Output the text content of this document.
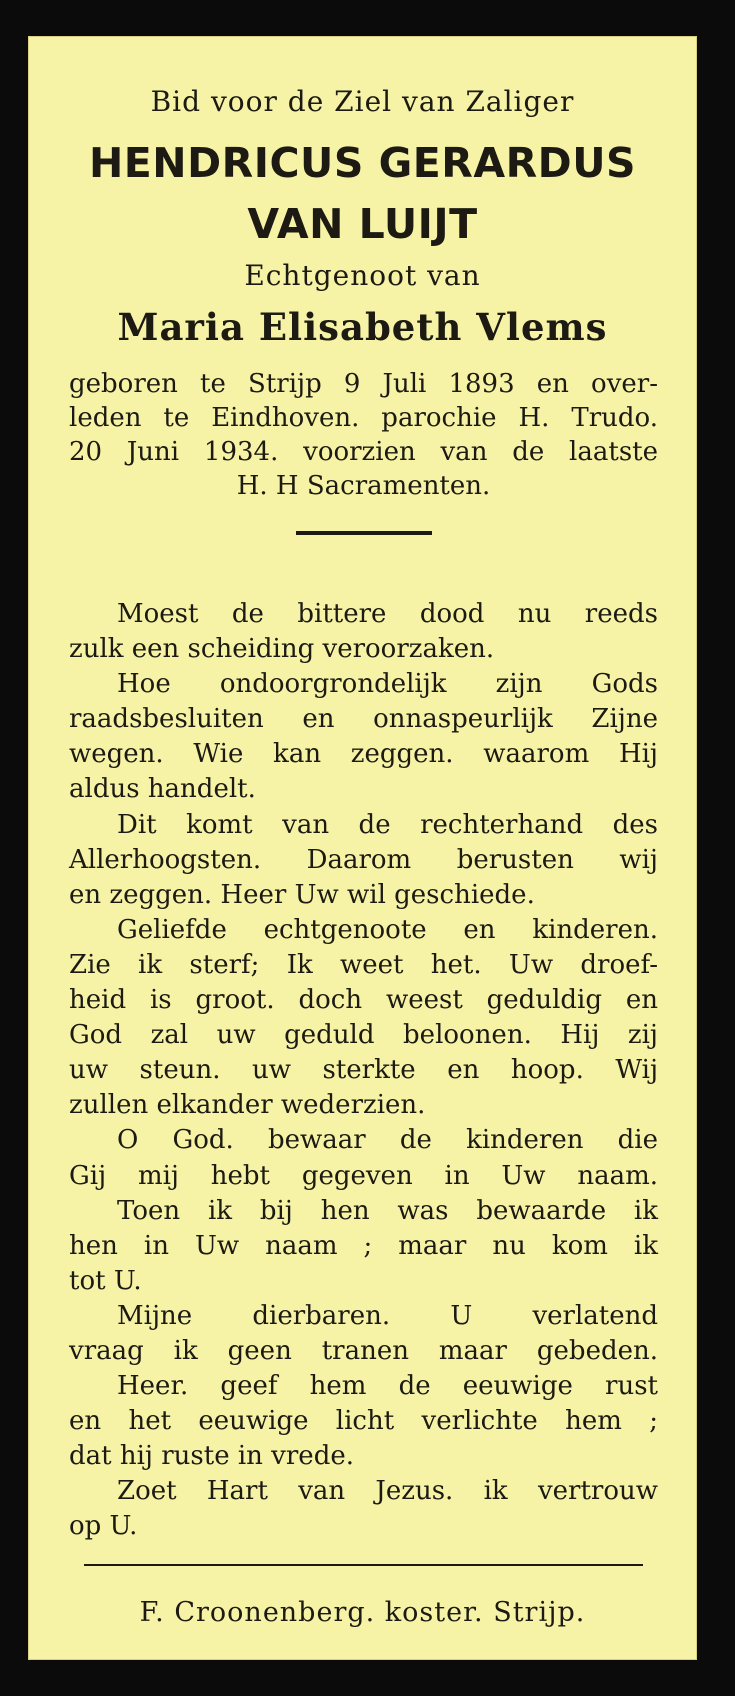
Bid voor de Ziel van Zaliger
HENDRICUS GERARDUS
VAN LUIJT
Echtgenoot van
Maria Elisabeth Vlems
geboren te Strijp 9 Juli 1893 en over-
leden te Eindhoven. parochie H. Trudo.
20 Juni 1934. voorzien van de laatste
H. H Sacramenten.
Moest de bittere dood nu reeds
zulk een scheiding veroorzaken.
Hoe ondoorgrondelijk zijn Gods
raadsbesluiten en onnaspeurlijk Zijne
wegen. Wie kan zeggen. waarom Hij
aldus handelt.
Dit komt van de rechterhand des
Allerhoogsten. Daarom berusten wij
en zeggen. Heer Uw wil geschiede.
Geliefde echtgenoote en kinderen.
Zie ik sterf; Ik weet het. Uw droef-
heid is groot. doch weest geduldig en
God zal uw geduld beloonen. Hij zij
uw steun. uw sterkte en hoop. Wij
zullen elkander wederzien.
O God. bewaar de kinderen die
Gij mij hebt gegeven in Uw naam.
Toen ik bij hen was bewaarde ik
hen in Uw naam ; maar nu kom ik
tot U.
Mijne dierbaren. U verlatend
vraag ik geen tranen maar gebeden.
Heer. geef hem de eeuwige rust
en het eeuwige licht verlichte hem ;
dat hij ruste in vrede.
Zoet Hart van Jezus. ik vertrouw
op U.
F. Croonenberg. koster. Strijp.
